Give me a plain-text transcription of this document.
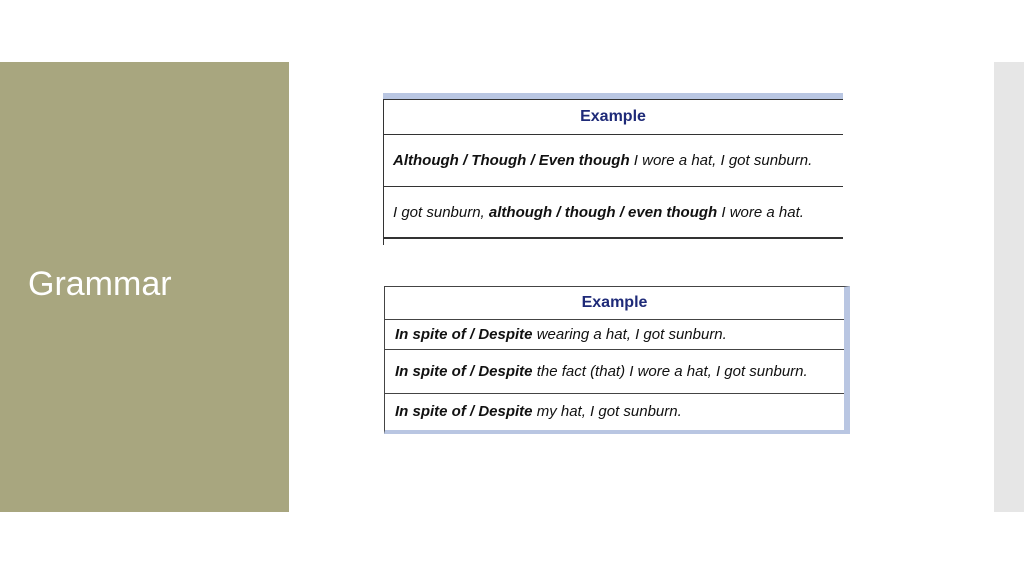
Grammar
Example
Although / Though / Even though I wore a hat, I got sunburn.
I got sunburn, although / though / even though I wore a hat.
Example
In spite of / Despite wearing a hat, I got sunburn.
In spite of / Despite the fact (that) I wore a hat, I got sunburn.
In spite of / Despite my hat, I got sunburn.
